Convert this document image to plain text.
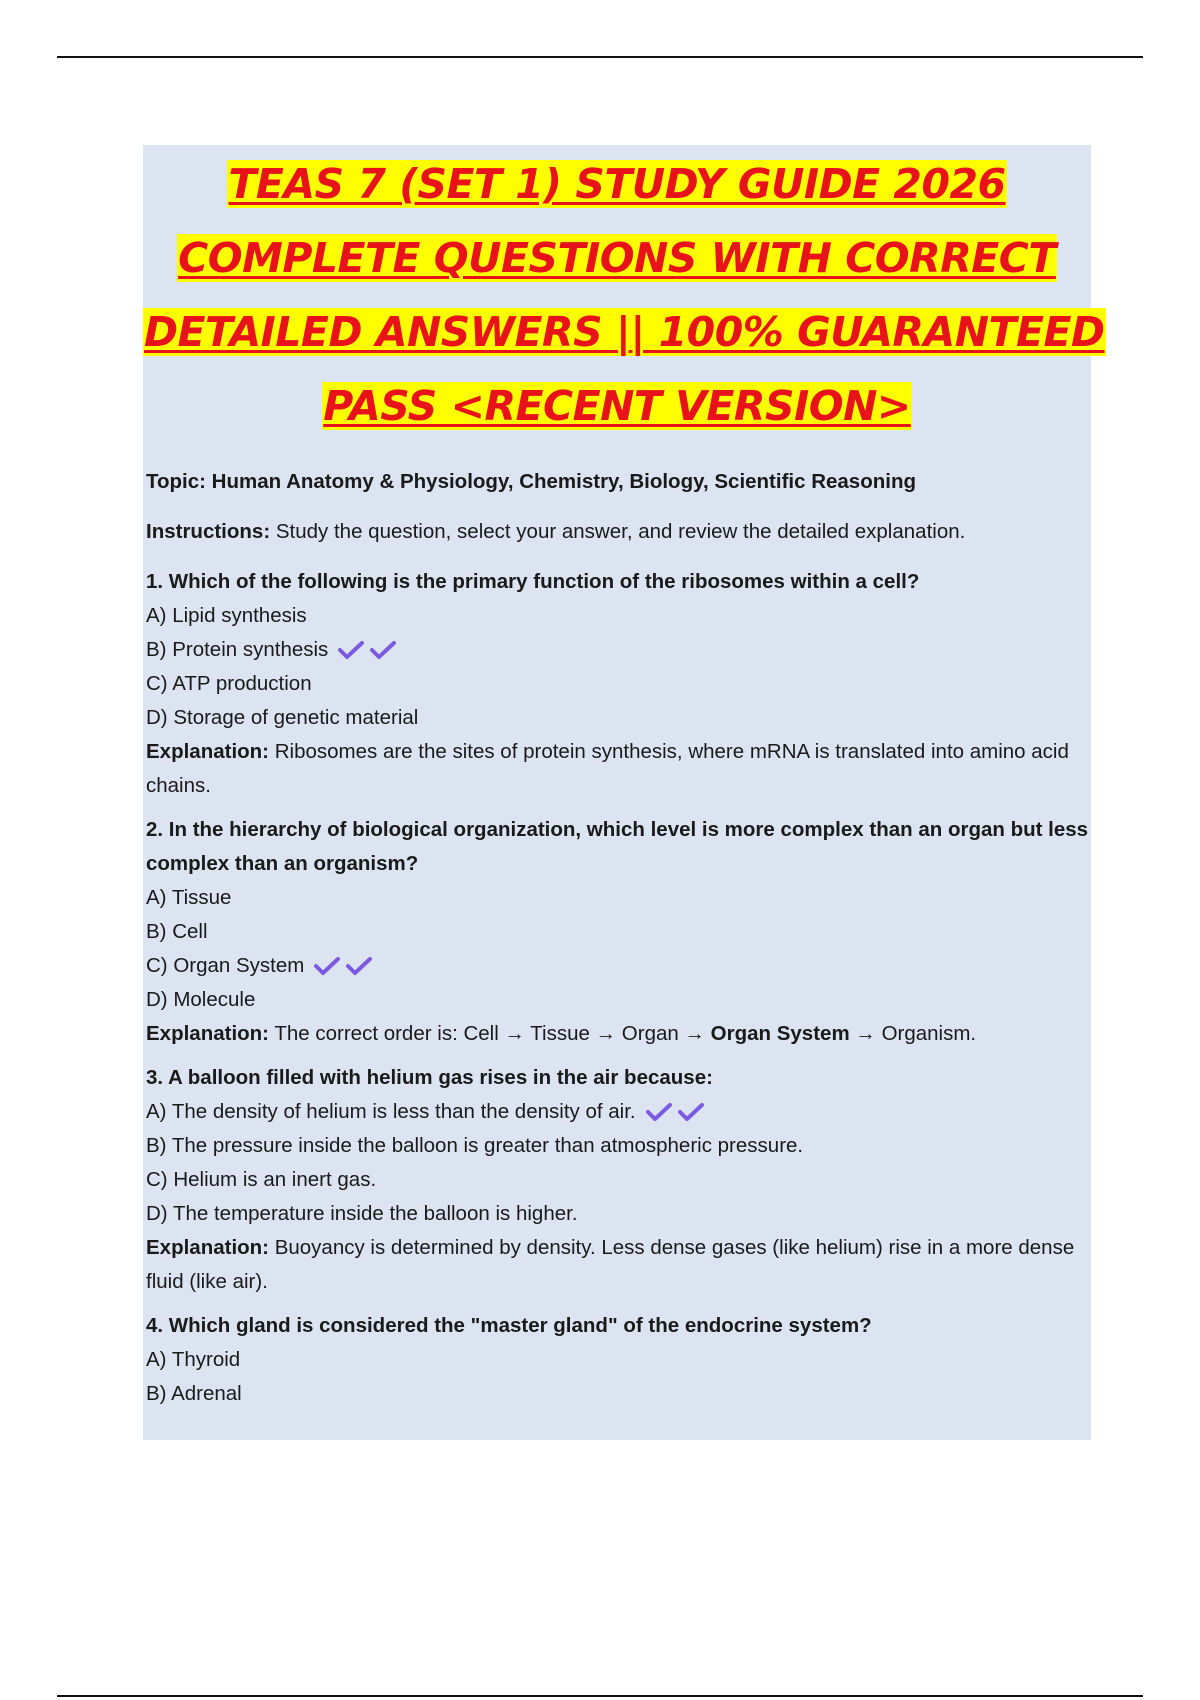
TEAS 7 (SET 1) STUDY GUIDE 2026
COMPLETE QUESTIONS WITH CORRECT
DETAILED ANSWERS || 100% GUARANTEED
PASS <RECENT VERSION>

Topic: Human Anatomy & Physiology, Chemistry, Biology, Scientific Reasoning

Instructions: Study the question, select your answer, and review the detailed explanation.

1. Which of the following is the primary function of the ribosomes within a cell?

A) Lipid synthesis

B) Protein synthesis

C) ATP production

D) Storage of genetic material

Explanation: Ribosomes are the sites of protein synthesis, where mRNA is translated into amino acid chains.

2. In the hierarchy of biological organization, which level is more complex than an organ but less complex than an organism?

A) Tissue

B) Cell

C) Organ System

D) Molecule

Explanation: The correct order is: Cell → Tissue → Organ → Organ System → Organism.

3. A balloon filled with helium gas rises in the air because:

A) The density of helium is less than the density of air.

B) The pressure inside the balloon is greater than atmospheric pressure.

C) Helium is an inert gas.

D) The temperature inside the balloon is higher.

Explanation: Buoyancy is determined by density. Less dense gases (like helium) rise in a more dense fluid (like air).

4. Which gland is considered the "master gland" of the endocrine system?

A) Thyroid

B) Adrenal
